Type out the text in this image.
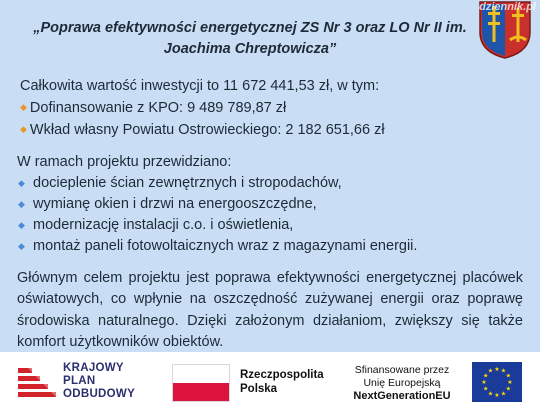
„Poprawa efektywności energetycznej ZS Nr 3 oraz LO Nr II im. Joachima Chreptowicza”
dziennik.pl
Całkowita wartość inwestycji to 11 672 441,53 zł, w tym:
◆ Dofinansowanie z KPO: 9 489 789,87 zł
◆ Wkład własny Powiatu Ostrowieckiego: 2 182 651,66 zł
W ramach projektu przewidziano:
◆ docieplenie ścian zewnętrznych i stropodachów,
◆ wymianę okien i drzwi na energooszczędne,
◆ modernizację instalacji c.o. i oświetlenia,
◆ montaż paneli fotowoltaicznych wraz z magazynami energii.
Głównym celem projektu jest poprawa efektywności energetycznej placówek oświatowych, co wpłynie na oszczędność zużywanej energii oraz poprawę środowiska naturalnego. Dzięki założonym działaniom, zwiększy się także komfort użytkowników obiektów.
KRAJOWY
PLAN
ODBUDOWY
Rzeczpospolita
Polska
Sfinansowane przez
Unię Europejską
NextGenerationEU
★ ★
★
★
★
★
★
★
★
★
★
★
